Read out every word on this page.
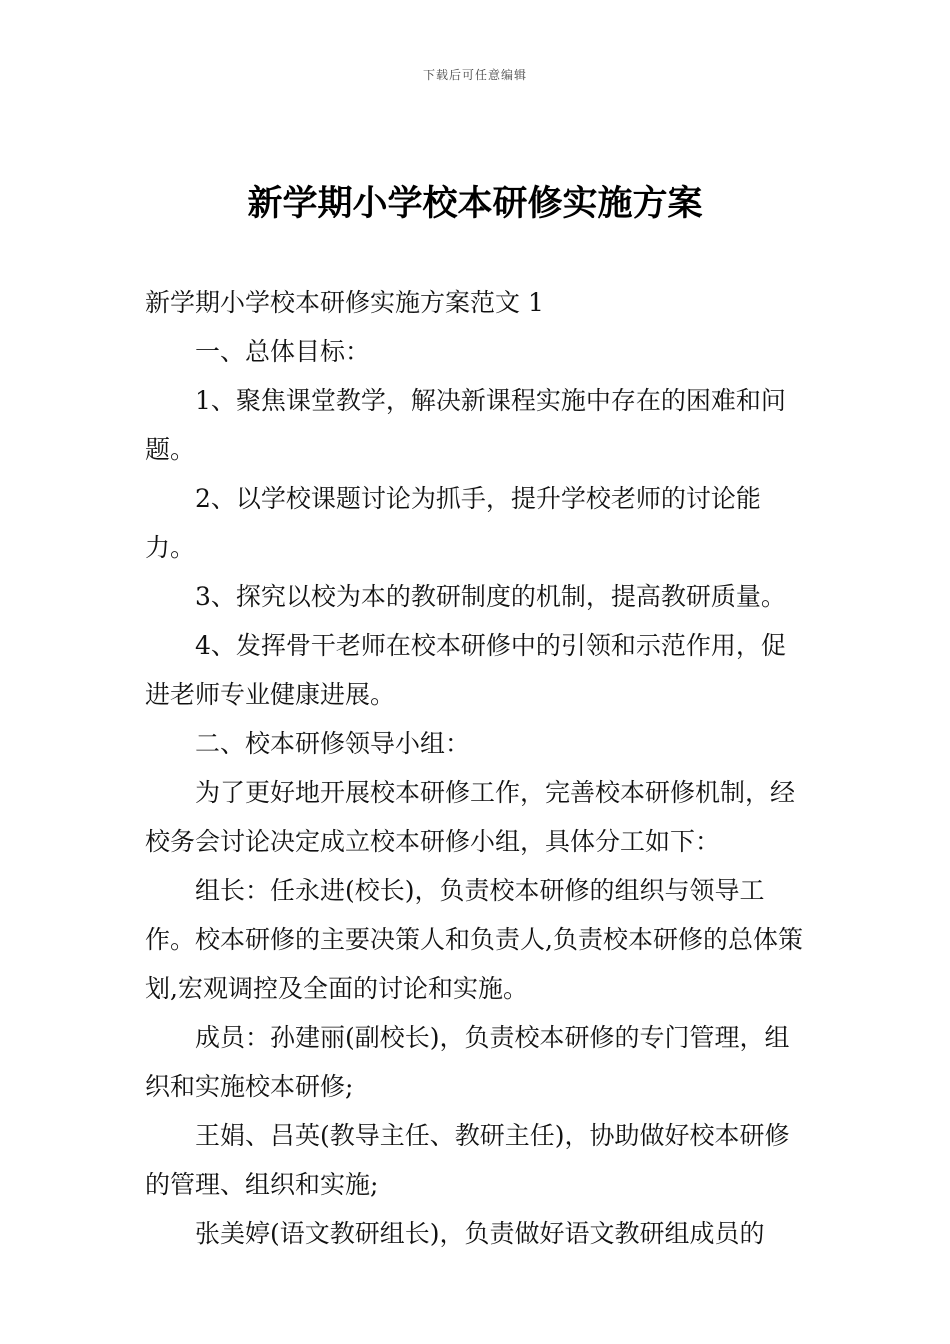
下载后可任意编辑
新学期小学校本研修实施方案

新学期小学校本研修实施方案范文 1

一、总体目标：

1、聚焦课堂教学，解决新课程实施中存在的困难和问题。

2、以学校课题讨论为抓手，提升学校老师的讨论能力。

3、探究以校为本的教研制度的机制，提高教研质量。

4、发挥骨干老师在校本研修中的引领和示范作用，促进老师专业健康进展。

二、校本研修领导小组：

为了更好地开展校本研修工作，完善校本研修机制，经校务会讨论决定成立校本研修小组，具体分工如下：

组长：任永进(校长)，负责校本研修的组织与领导工作。校本研修的主要决策人和负责人,负责校本研修的总体策划,宏观调控及全面的讨论和实施。

成员：孙建丽(副校长)，负责校本研修的专门管理，组织和实施校本研修;

王娟、吕英(教导主任、教研主任)，协助做好校本研修的管理、组织和实施;

张美婷(语文教研组长)，负责做好语文教研组成员的
